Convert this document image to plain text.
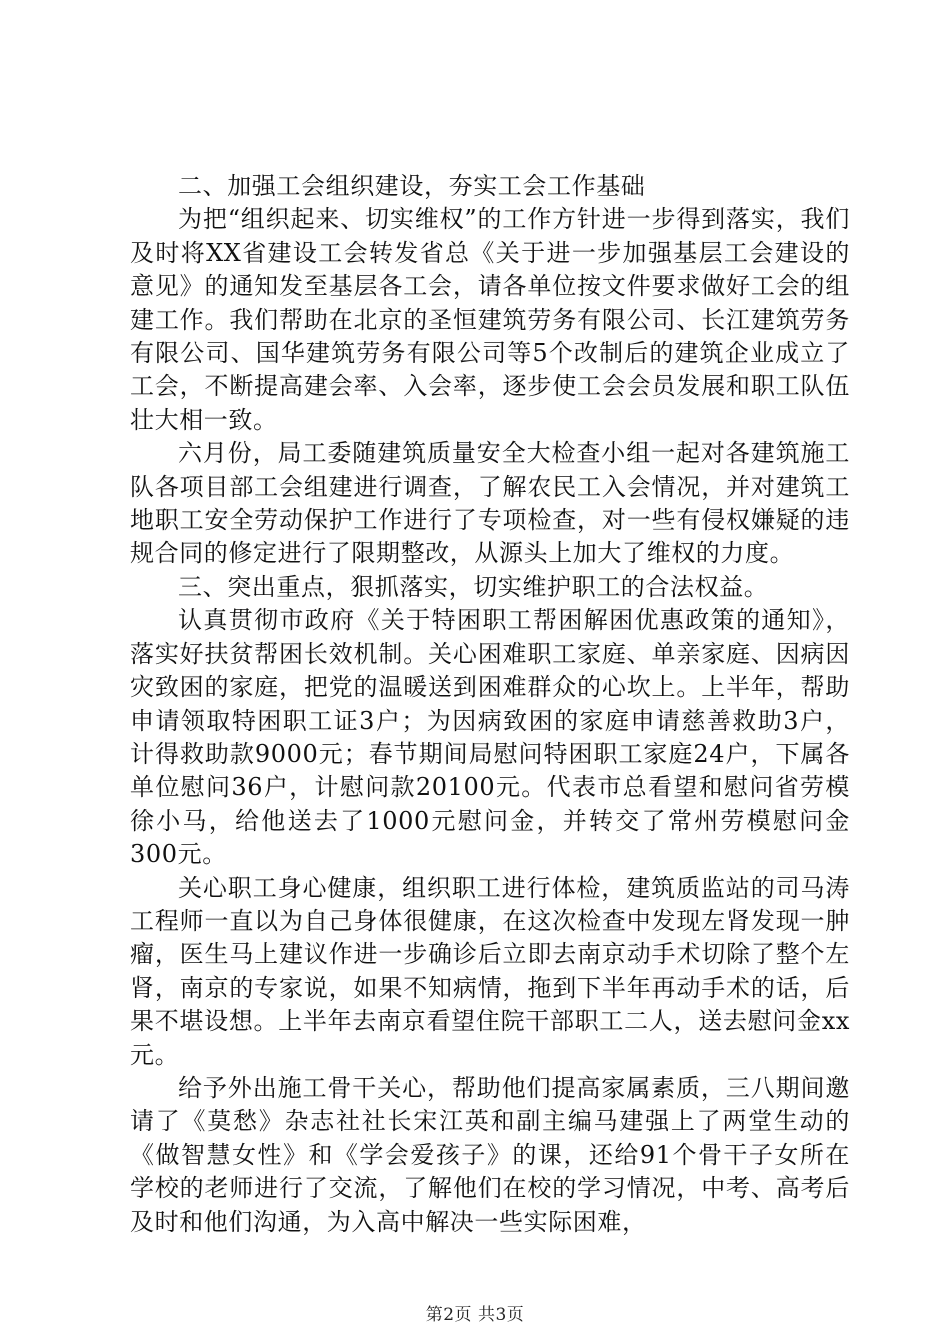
二、加强工会组织建设，夯实工会工作基础

为把“组织起来、切实维权”的工作方针进一步得到落实，我们及时将XX省建设工会转发省总《关于进一步加强基层工会建设的意见》的通知发至基层各工会，请各单位按文件要求做好工会的组建工作。我们帮助在北京的圣恒建筑劳务有限公司、长江建筑劳务有限公司、国华建筑劳务有限公司等5个改制后的建筑企业成立了工会，不断提高建会率、入会率，逐步使工会会员发展和职工队伍壮大相一致。

六月份，局工委随建筑质量安全大检查小组一起对各建筑施工队各项目部工会组建进行调查，了解农民工入会情况，并对建筑工地职工安全劳动保护工作进行了专项检查，对一些有侵权嫌疑的违规合同的修定进行了限期整改，从源头上加大了维权的力度。

三、突出重点，狠抓落实，切实维护职工的合法权益。

认真贯彻市政府《关于特困职工帮困解困优惠政策的通知》，落实好扶贫帮困长效机制。关心困难职工家庭、单亲家庭、因病因灾致困的家庭，把党的温暖送到困难群众的心坎上。上半年，帮助申请领取特困职工证3户；为因病致困的家庭申请慈善救助3户，计得救助款9000元；春节期间局慰问特困职工家庭24户，下属各单位慰问36户，计慰问款20100元。代表市总看望和慰问省劳模徐小马，给他送去了1000元慰问金，并转交了常州劳模慰问金300元。

关心职工身心健康，组织职工进行体检，建筑质监站的司马涛工程师一直以为自己身体很健康，在这次检查中发现左肾发现一肿瘤，医生马上建议作进一步确诊后立即去南京动手术切除了整个左肾，南京的专家说，如果不知病情，拖到下半年再动手术的话，后果不堪设想。上半年去南京看望住院干部职工二人，送去慰问金xx元。

给予外出施工骨干关心，帮助他们提高家属素质，三八期间邀请了《莫愁》杂志社社长宋江英和副主编马建强上了两堂生动的《做智慧女性》和《学会爱孩子》的课，还给91个骨干子女所在学校的老师进行了交流，了解他们在校的学习情况，中考、高考后及时和他们沟通，为入高中解决一些实际困难，

第2页 共3页
